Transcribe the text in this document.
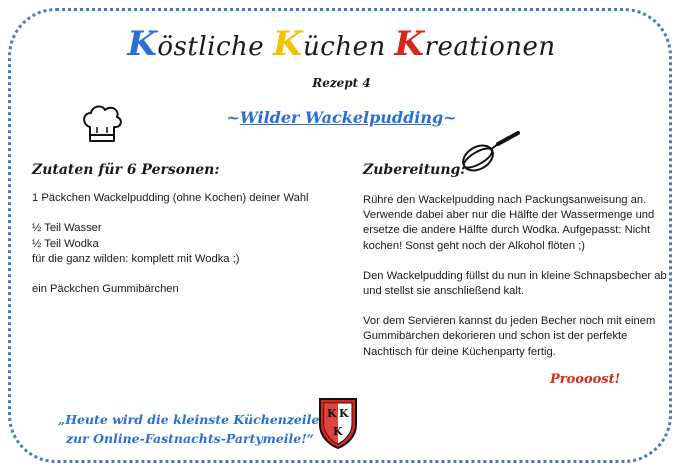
Köstliche Küchen Kreationen
Rezept 4
~Wilder Wackelpudding~
Zutaten für 6 Personen:	Zubereitung:
1 Päckchen Wackelpudding (ohne Kochen) deiner Wahl

½ Teil Wasser
½ Teil Wodka
für die ganz wilden: komplett mit Wodka ;)

ein Päckchen Gummibärchen

Rühre den Wackelpudding nach Packungsanweisung an. Verwende dabei aber nur die Hälfte der Wassermenge und ersetze die andere Hälfte durch Wodka. Aufgepasst: Nicht kochen! Sonst geht noch der Alkohol flöten ;)

Den Wackelpudding füllst du nun in kleine Schnapsbecher ab und stellst sie anschließend kalt.

Vor dem Servieren kannst du jeden Becher noch mit einem Gummibärchen dekorieren und schon ist der perfekte Nachtisch für deine Küchenparty fertig.

Proooost!
„Heute wird die kleinste Küchenzeile
zur Online-Fastnachts-Partymeile!“
K K
K
